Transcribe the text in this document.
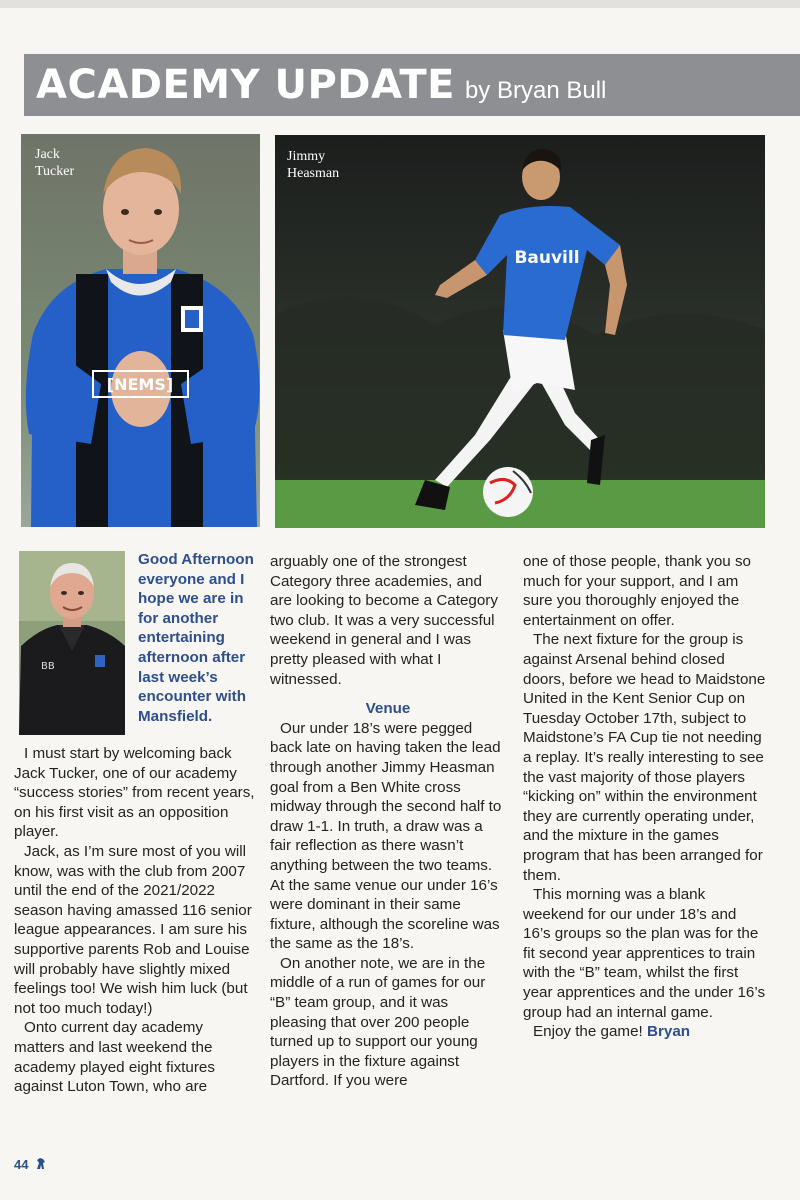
ACADEMY UPDATE by Bryan Bull
[NEMS]
Jack
Tucker
Bauvill
Jimmy
Heasman
BB
Good Afternoon everyone and I hope we are in for another entertaining afternoon after last week’s encounter with Mansfield.

I must start by welcoming back Jack Tucker, one of our academy “success stories” from recent years, on his first visit as an opposition player.

Jack, as I’m sure most of you will know, was with the club from 2007 until the end of the 2021/2022 season having amassed 116 senior league appearances. I am sure his supportive parents Rob and Louise will probably have slightly mixed feelings too! We wish him luck (but not too much today!)

Onto current day academy matters and last weekend the academy played eight fixtures against Luton Town, who are

arguably one of the strongest Category three academies, and are looking to become a Category two club. It was a very successful weekend in general and I was pretty pleased with what I witnessed.

Venue

Our under 18’s were pegged back late on having taken the lead through another Jimmy Heasman goal from a Ben White cross midway through the second half to draw 1-1. In truth, a draw was a fair reflection as there wasn’t anything between the two teams. At the same venue our under 16’s were dominant in their same fixture, although the scoreline was the same as the 18’s.

On another note, we are in the middle of a run of games for our “B” team group, and it was pleasing that over 200 people turned up to support our young players in the fixture against Dartford. If you were

one of those people, thank you so much for your support, and I am sure you thoroughly enjoyed the entertainment on offer.

The next fixture for the group is against Arsenal behind closed doors, before we head to Maidstone United in the Kent Senior Cup on Tuesday October 17th, subject to Maidstone’s FA Cup tie not needing a replay. It’s really interesting to see the vast majority of those players “kicking on” within the environment they are currently operating under, and the mixture in the games program that has been arranged for them.

This morning was a blank weekend for our under 18’s and 16’s groups so the plan was for the fit second year apprentices to train with the “B” team, whilst the first year apprentices and the under 16’s group had an internal game.

Enjoy the game! Bryan

44
